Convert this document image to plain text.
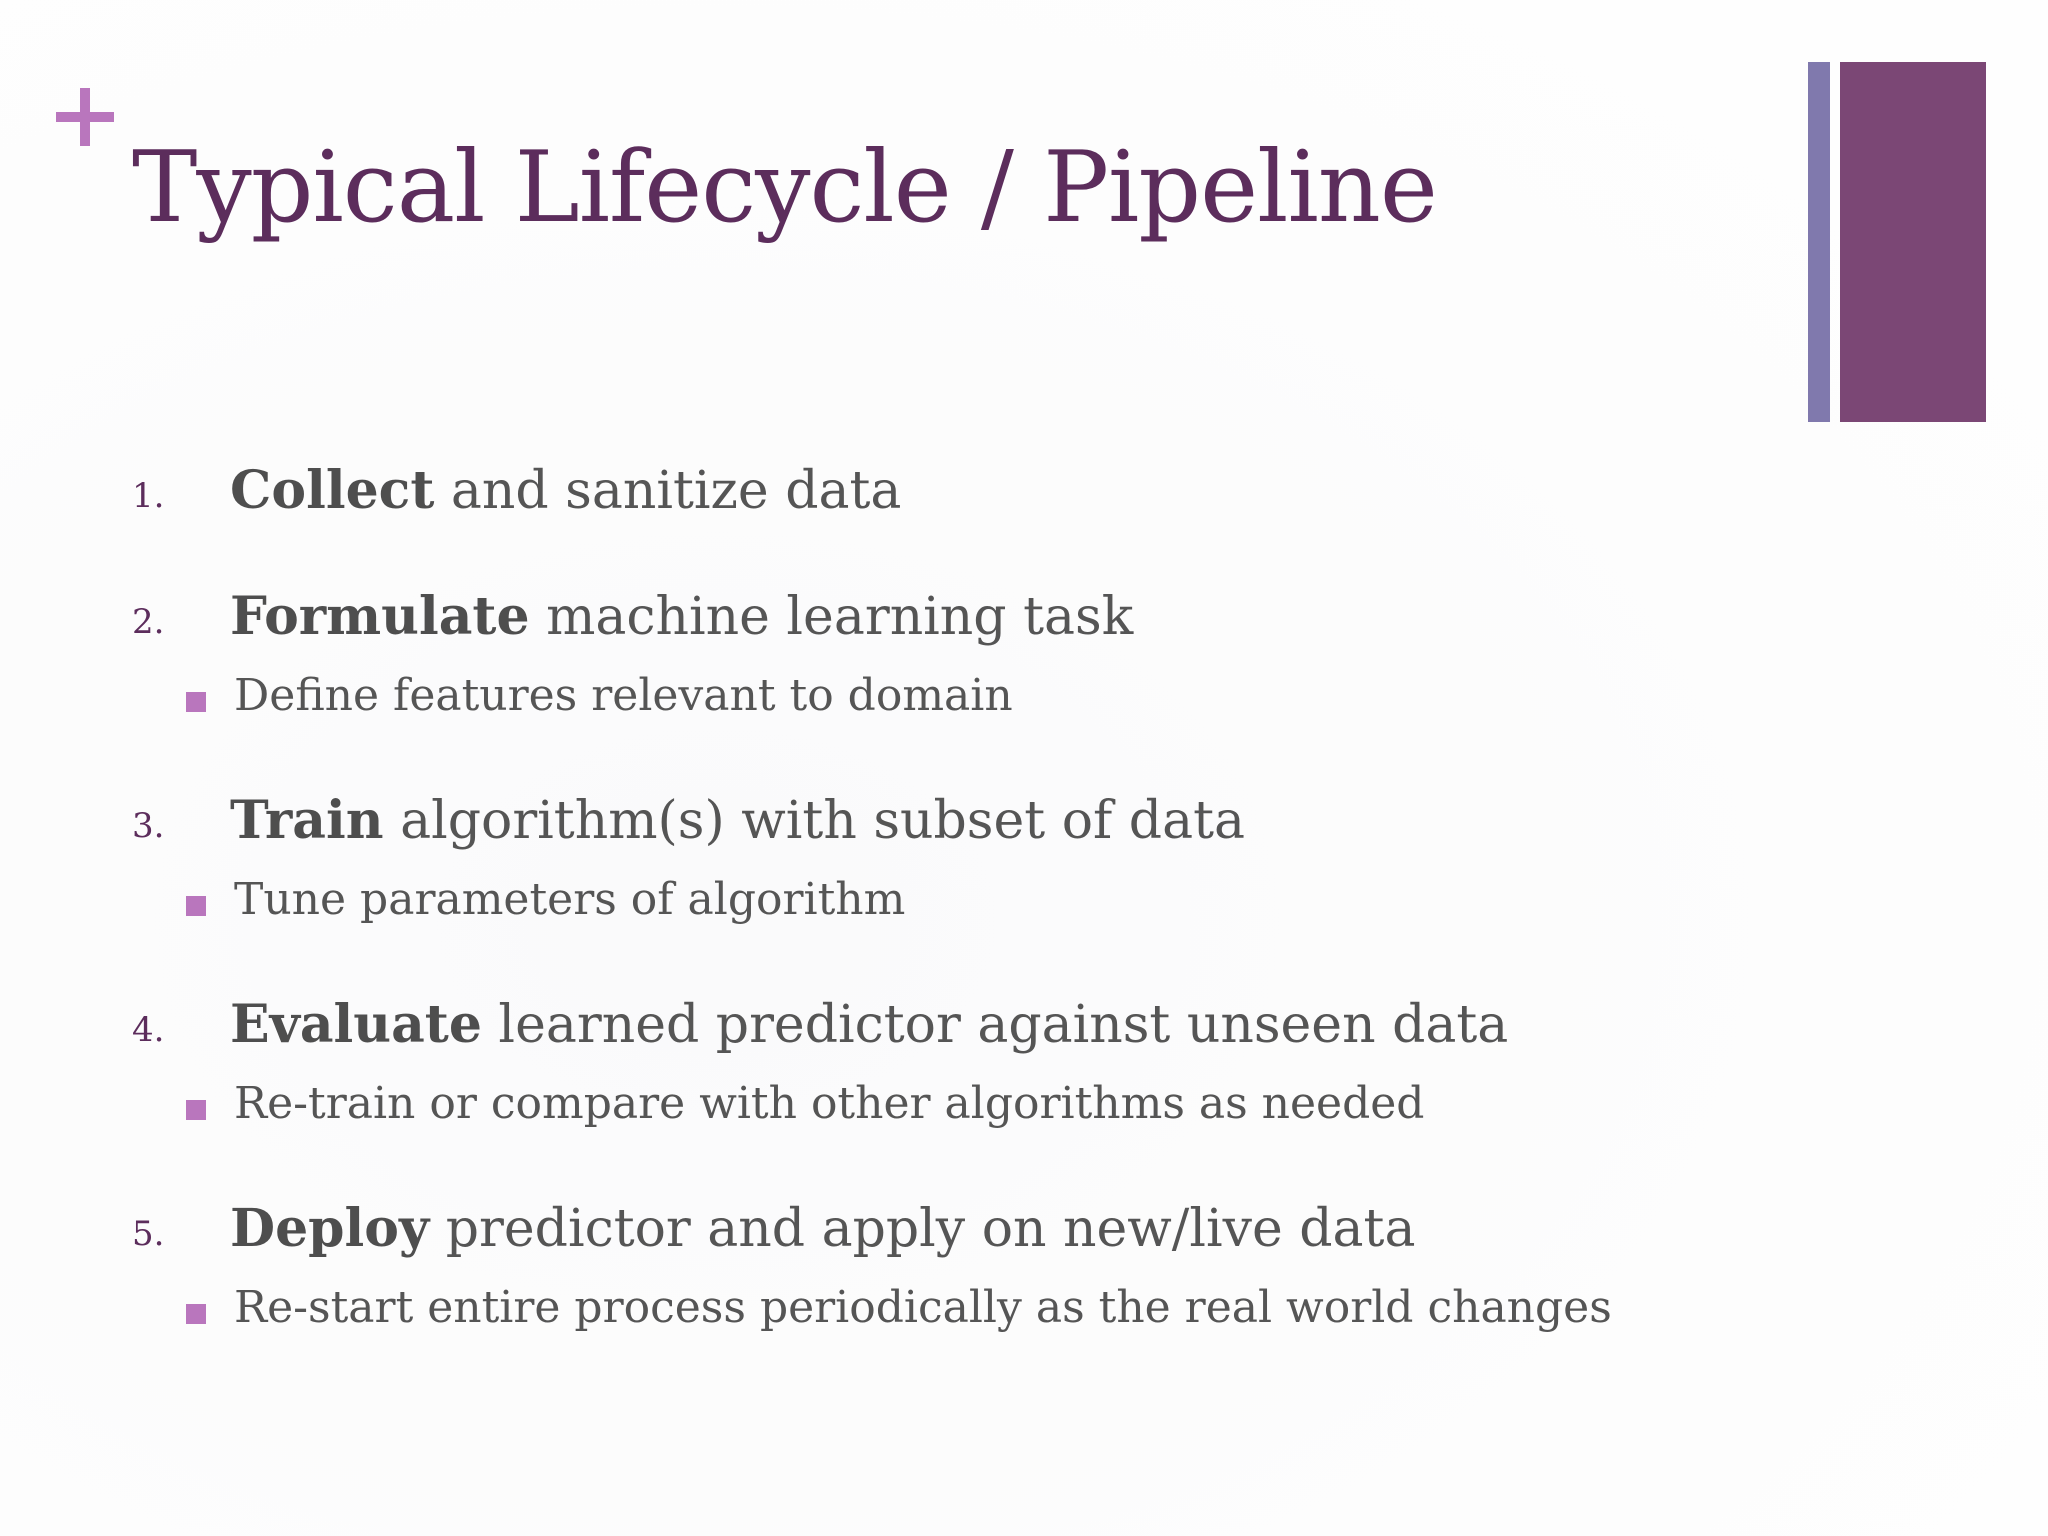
Typical Lifecycle / Pipeline
1. Collect and sanitize data
2. Formulate machine learning task
Define features relevant to domain
3. Train algorithm(s) with subset of data
Tune parameters of algorithm
4. Evaluate learned predictor against unseen data
Re-train or compare with other algorithms as needed
5. Deploy predictor and apply on new/live data
Re-start entire process periodically as the real world changes
